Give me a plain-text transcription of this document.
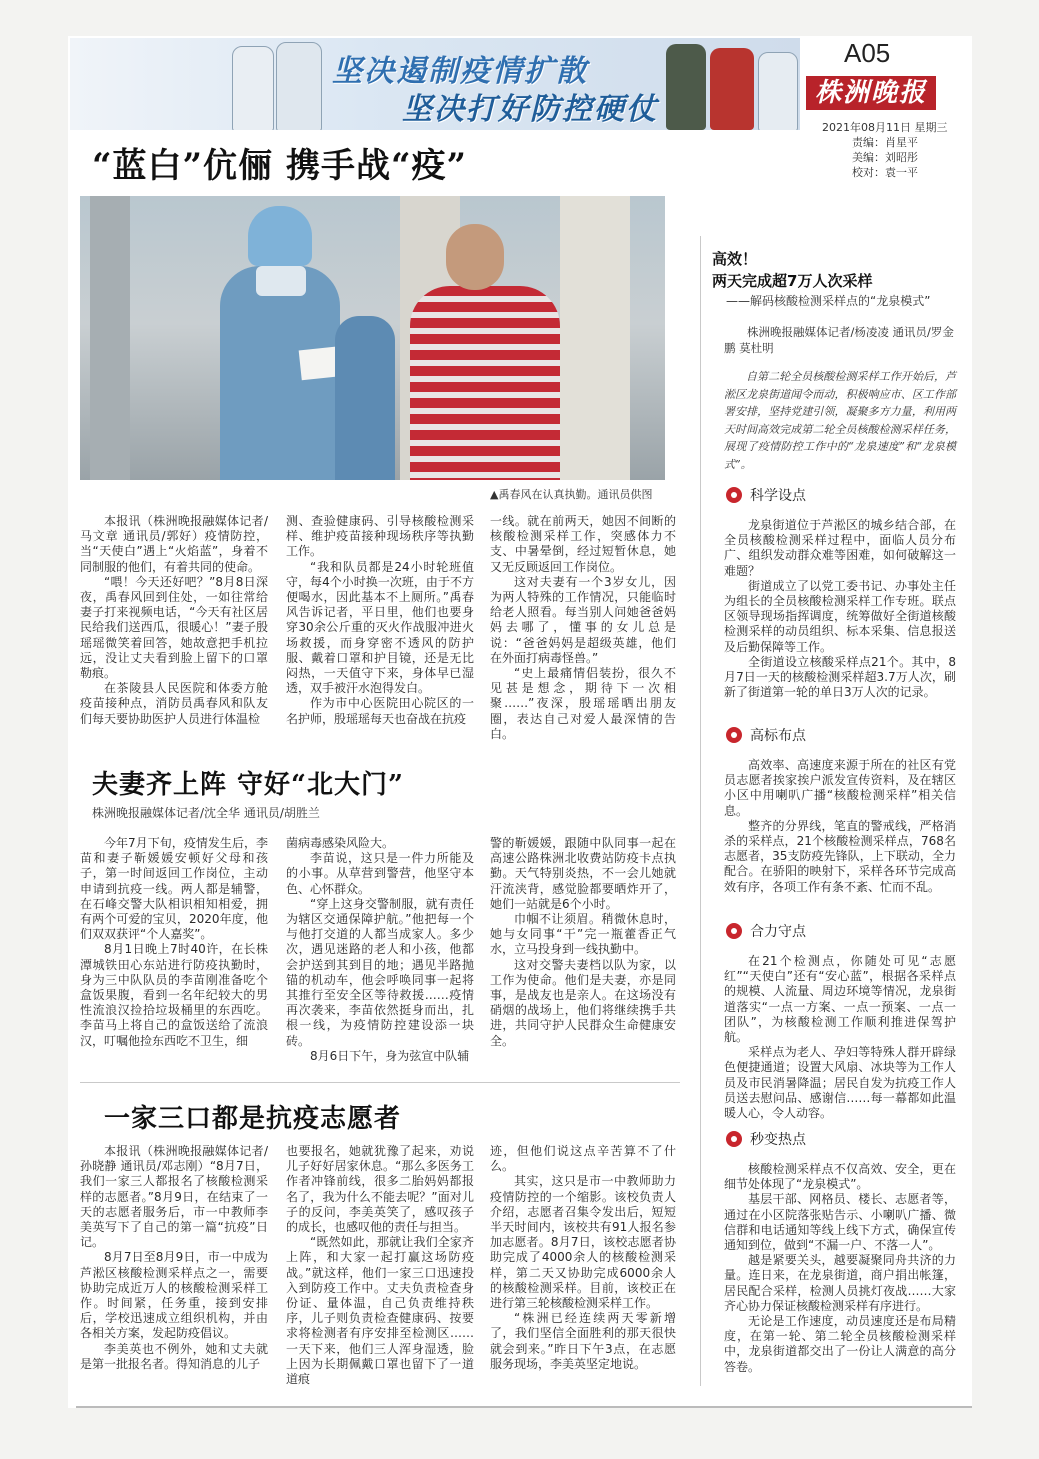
坚决遏制疫情扩散
坚决打好防控硬仗
A05
株洲晚报
2021年08月11日 星期三
责编：肖星平
美编：刘昭彤
校对：袁一平
“蓝白”伉俪 携手战“疫”
▲禹春风在认真执勤。通讯员供图

本报讯（株洲晚报融媒体记者/马文章 通讯员/郭好）疫情防控，当“天使白”遇上“火焰蓝”，身着不同制服的他们，有着共同的使命。

“喂！今天还好吧？”8月8日深夜，禹春风回到住处，一如往常给妻子打来视频电话，“今天有社区居民给我们送西瓜，很暖心！”妻子殷瑶瑶微笑着回答，她故意把手机拉远，没让丈夫看到脸上留下的口罩勒痕。

在茶陵县人民医院和体委方舱疫苗接种点，消防员禹春风和队友们每天要协助医护人员进行体温检

测、查验健康码、引导核酸检测采样、维护疫苗接种现场秩序等执勤工作。

“我和队员都是24小时轮班值守，每4个小时换一次班，由于不方便喝水，因此基本不上厕所。”禹春风告诉记者，平日里，他们也要身穿30余公斤重的灭火作战服冲进火场救援，而身穿密不透风的防护服、戴着口罩和护目镜，还是无比闷热，一天值守下来，身体早已湿透，双手被汗水泡得发白。

作为市中心医院田心院区的一名护师，殷瑶瑶每天也奋战在抗疫

一线。就在前两天，她因不间断的核酸检测采样工作，突感体力不支、中暑晕倒，经过短暂休息，她又无反顾返回工作岗位。

这对夫妻有一个3岁女儿，因为两人特殊的工作情况，只能临时给老人照看。每当别人问她爸爸妈妈去哪了，懂事的女儿总是说：“爸爸妈妈是超级英雄，他们在外面打病毒怪兽。”

“史上最痛情侣装扮，很久不见甚是想念，期待下一次相聚……”夜深，殷瑶瑶晒出朋友圈，表达自己对爱人最深情的告白。

夫妻齐上阵 守好“北大门”
株洲晚报融媒体记者/沈全华 通讯员/胡胜兰

今年7月下旬，疫情发生后，李苗和妻子靳媛媛安顿好父母和孩子，第一时间返回工作岗位，主动申请到抗疫一线。两人都是辅警，在石峰交警大队相识相知相爱，拥有两个可爱的宝贝，2020年度，他们双双获评“个人嘉奖”。

8月1日晚上7时40许，在长株潭城铁田心东站进行防疫执勤时，身为三中队队员的李苗刚准备吃个盒饭果腹，看到一名年纪较大的男性流浪汉捡拾垃圾桶里的东西吃。李苗马上将自己的盒饭送给了流浪汉，叮嘱他捡东西吃不卫生，细

菌病毒感染风险大。

李苗说，这只是一件力所能及的小事。从草营到警营，他坚守本色、心怀群众。

“穿上这身交警制服，就有责任为辖区交通保障护航。”他把每一个与他打交道的人都当成家人。多少次，遇见迷路的老人和小孩，他都会护送到其到目的地；遇见半路抛锚的机动车，他会呼唤同事一起将其推行至安全区等待救援……疫情再次袭来，李苗依然挺身而出，扎根一线，为疫情防控建设添一块砖。

8月6日下午，身为弦宣中队辅

警的靳媛媛，跟随中队同事一起在高速公路株洲北收费站防疫卡点执勤。天气特别炎热，不一会儿她就汗流浃背，感觉脸都要晒炸开了，她们一站就是6个小时。

巾帼不让须眉。稍微休息时，她与女同事“干”完一瓶藿香正气水，立马投身到一线执勤中。

这对交警夫妻档以队为家，以工作为使命。他们是夫妻，亦是同事，是战友也是亲人。在这场没有硝烟的战场上，他们将继续携手共进，共同守护人民群众生命健康安全。

一家三口都是抗疫志愿者

本报讯（株洲晚报融媒体记者/孙晓静 通讯员/邓志刚）“8月7日，我们一家三人都报名了核酸检测采样的志愿者。”8月9日，在结束了一天的志愿者服务后，市一中教师李美英写下了自己的第一篇“抗疫”日记。

8月7日至8月9日，市一中成为芦淞区核酸检测采样点之一，需要协助完成近万人的核酸检测采样工作。时间紧，任务重，接到安排后，学校迅速成立组织机构，并由各相关方案，发起防疫倡议。

李美英也不例外，她和丈夫就是第一批报名者。得知消息的儿子

也要报名，她就犹豫了起来，劝说儿子好好居家休息。“那么多医务工作者冲锋前线，很多二胎妈妈都报名了，我为什么不能去呢？”面对儿子的反问，李美英笑了，感叹孩子的成长，也感叹他的责任与担当。

“既然如此，那就让我们全家齐上阵，和大家一起打赢这场防疫战。”就这样，他们一家三口迅速投入到防疫工作中。丈夫负责检查身份证、量体温，自己负责维持秩序，儿子则负责检查健康码、按要求将检测者有序安排至检测区……一天下来，他们三人浑身湿透，脸上因为长期佩戴口罩也留下了一道道痕

迹，但他们说这点辛苦算不了什么。

其实，这只是市一中教师助力疫情防控的一个缩影。该校负责人介绍，志愿者召集令发出后，短短半天时间内，该校共有91人报名参加志愿者。8月7日，该校志愿者协助完成了4000余人的核酸检测采样，第二天又协助完成6000余人的核酸检测采样。目前，该校正在进行第三轮核酸检测采样工作。

“株洲已经连续两天零新增了，我们坚信全面胜利的那天很快就会到来。”昨日下午3点，在志愿服务现场，李美英坚定地说。

高效！
两天完成超7万人次采样
——解码核酸检测采样点的“龙泉模式”
株洲晚报融媒体记者/杨凌凌 通讯员/罗金鹏 莫杜明

自第二轮全员核酸检测采样工作开始后，芦淞区龙泉街道闻令而动，积极响应市、区工作部署安排，坚持党建引领，凝聚多方力量，利用两天时间高效完成第二轮全员核酸检测采样任务，展现了疫情防控工作中的“龙泉速度”和“龙泉模式”。

科学设点

龙泉街道位于芦淞区的城乡结合部，在全员核酸检测采样过程中，面临人员分布广、组织发动群众难等困难，如何破解这一难题？

街道成立了以党工委书记、办事处主任为组长的全员核酸检测采样工作专班。联点区领导现场指挥调度，统筹做好全街道核酸检测采样的动员组织、标本采集、信息报送及后勤保障等工作。

全街道设立核酸采样点21个。其中，8月7日一天的核酸检测采样超3.7万人次，刷新了街道第一轮的单日3万人次的记录。

高标布点

高效率、高速度来源于所在的社区有党员志愿者挨家挨户派发宣传资料，及在辖区小区中用喇叭广播“核酸检测采样”相关信息。

整齐的分界线，笔直的警戒线，严格消杀的采样点，21个核酸检测采样点，768名志愿者，35支防疫先锋队，上下联动，全力配合。在骄阳的映射下，采样各环节完成高效有序，各项工作有条不紊、忙而不乱。

合力守点

在21个检测点，你随处可见“志愿红”“天使白”还有“安心蓝”，根据各采样点的规模、人流量、周边环境等情况，龙泉街道落实“一点一方案、一点一预案、一点一团队”，为核酸检测工作顺利推进保驾护航。

采样点为老人、孕妇等特殊人群开辟绿色便捷通道；设置大风扇、冰块等为工作人员及市民消暑降温；居民自发为抗疫工作人员送去慰问品、感谢信……每一幕都如此温暖人心，令人动容。

秒变热点

核酸检测采样点不仅高效、安全，更在细节处体现了“龙泉模式”。

基层干部、网格员、楼长、志愿者等，通过在小区院落张贴告示、小喇叭广播、微信群和电话通知等线上线下方式，确保宣传通知到位，做到“不漏一户、不落一人”。

越是紧要关头，越要凝聚同舟共济的力量。连日来，在龙泉街道，商户捐出帐篷，居民配合采样，检测人员挑灯夜战……大家齐心协力保证核酸检测采样有序进行。

无论是工作速度，动员速度还是布局精度，在第一轮、第二轮全员核酸检测采样中，龙泉街道都交出了一份让人满意的高分答卷。
